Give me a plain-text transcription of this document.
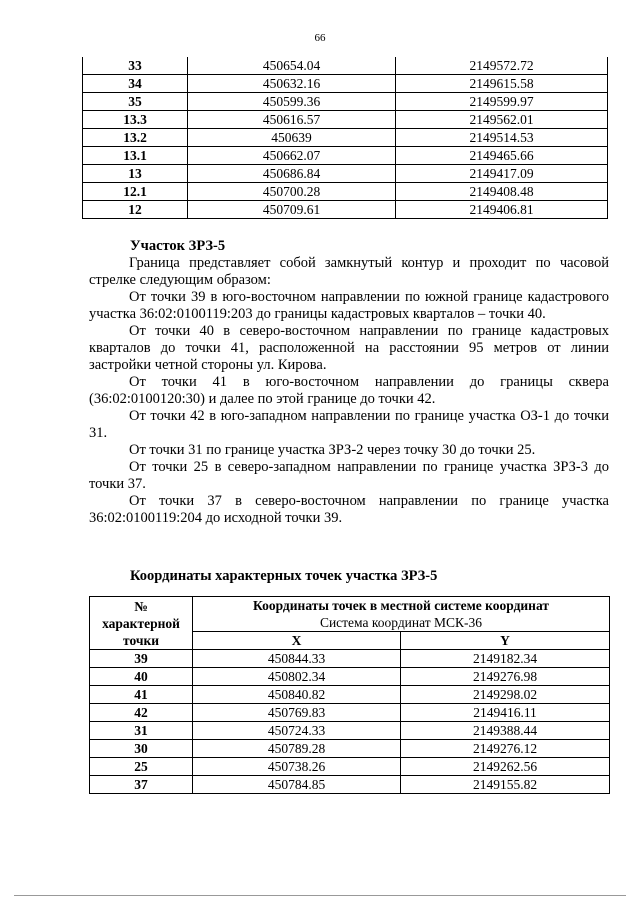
66
33	450654.04	2149572.72
34	450632.16	2149615.58
35	450599.36	2149599.97
13.3	450616.57	2149562.01
13.2	450639	2149514.53
13.1	450662.07	2149465.66
13	450686.84	2149417.09
12.1	450700.28	2149408.48
12	450709.61	2149406.81
Участок ЗРЗ-5

Граница представляет собой замкнутый контур и проходит по часовой стрелке следующим образом:

От точки 39 в юго-восточном направлении по южной границе кадастрового участка 36:02:0100119:203 до границы кадастровых кварталов – точки 40.

От точки 40 в северо-восточном направлении по границе кадастровых кварталов до точки 41, расположенной на расстоянии 95 метров от линии застройки четной стороны ул. Кирова.

От точки 41 в юго-восточном направлении до границы сквера (36:02:0100120:30) и далее по этой границе до точки 42.

От точки 42 в юго-западном направлении по границе участка ОЗ-1 до точки 31.

От точки 31 по границе участка ЗРЗ-2 через точку 30 до точки 25.

От точки 25 в северо-западном направлении по границе участка ЗРЗ-3 до точки 37.

От точки 37 в северо-восточном направлении по границе участка 36:02:0100119:204 до исходной точки 39.

Координаты характерных точек участка ЗРЗ-5
№
характерной
точки	Координаты точек в местной системе координат
Система координат МСК-36	
	X	Y
39	450844.33	2149182.34
40	450802.34	2149276.98
41	450840.82	2149298.02
42	450769.83	2149416.11
31	450724.33	2149388.44
30	450789.28	2149276.12
25	450738.26	2149262.56
37	450784.85	2149155.82
